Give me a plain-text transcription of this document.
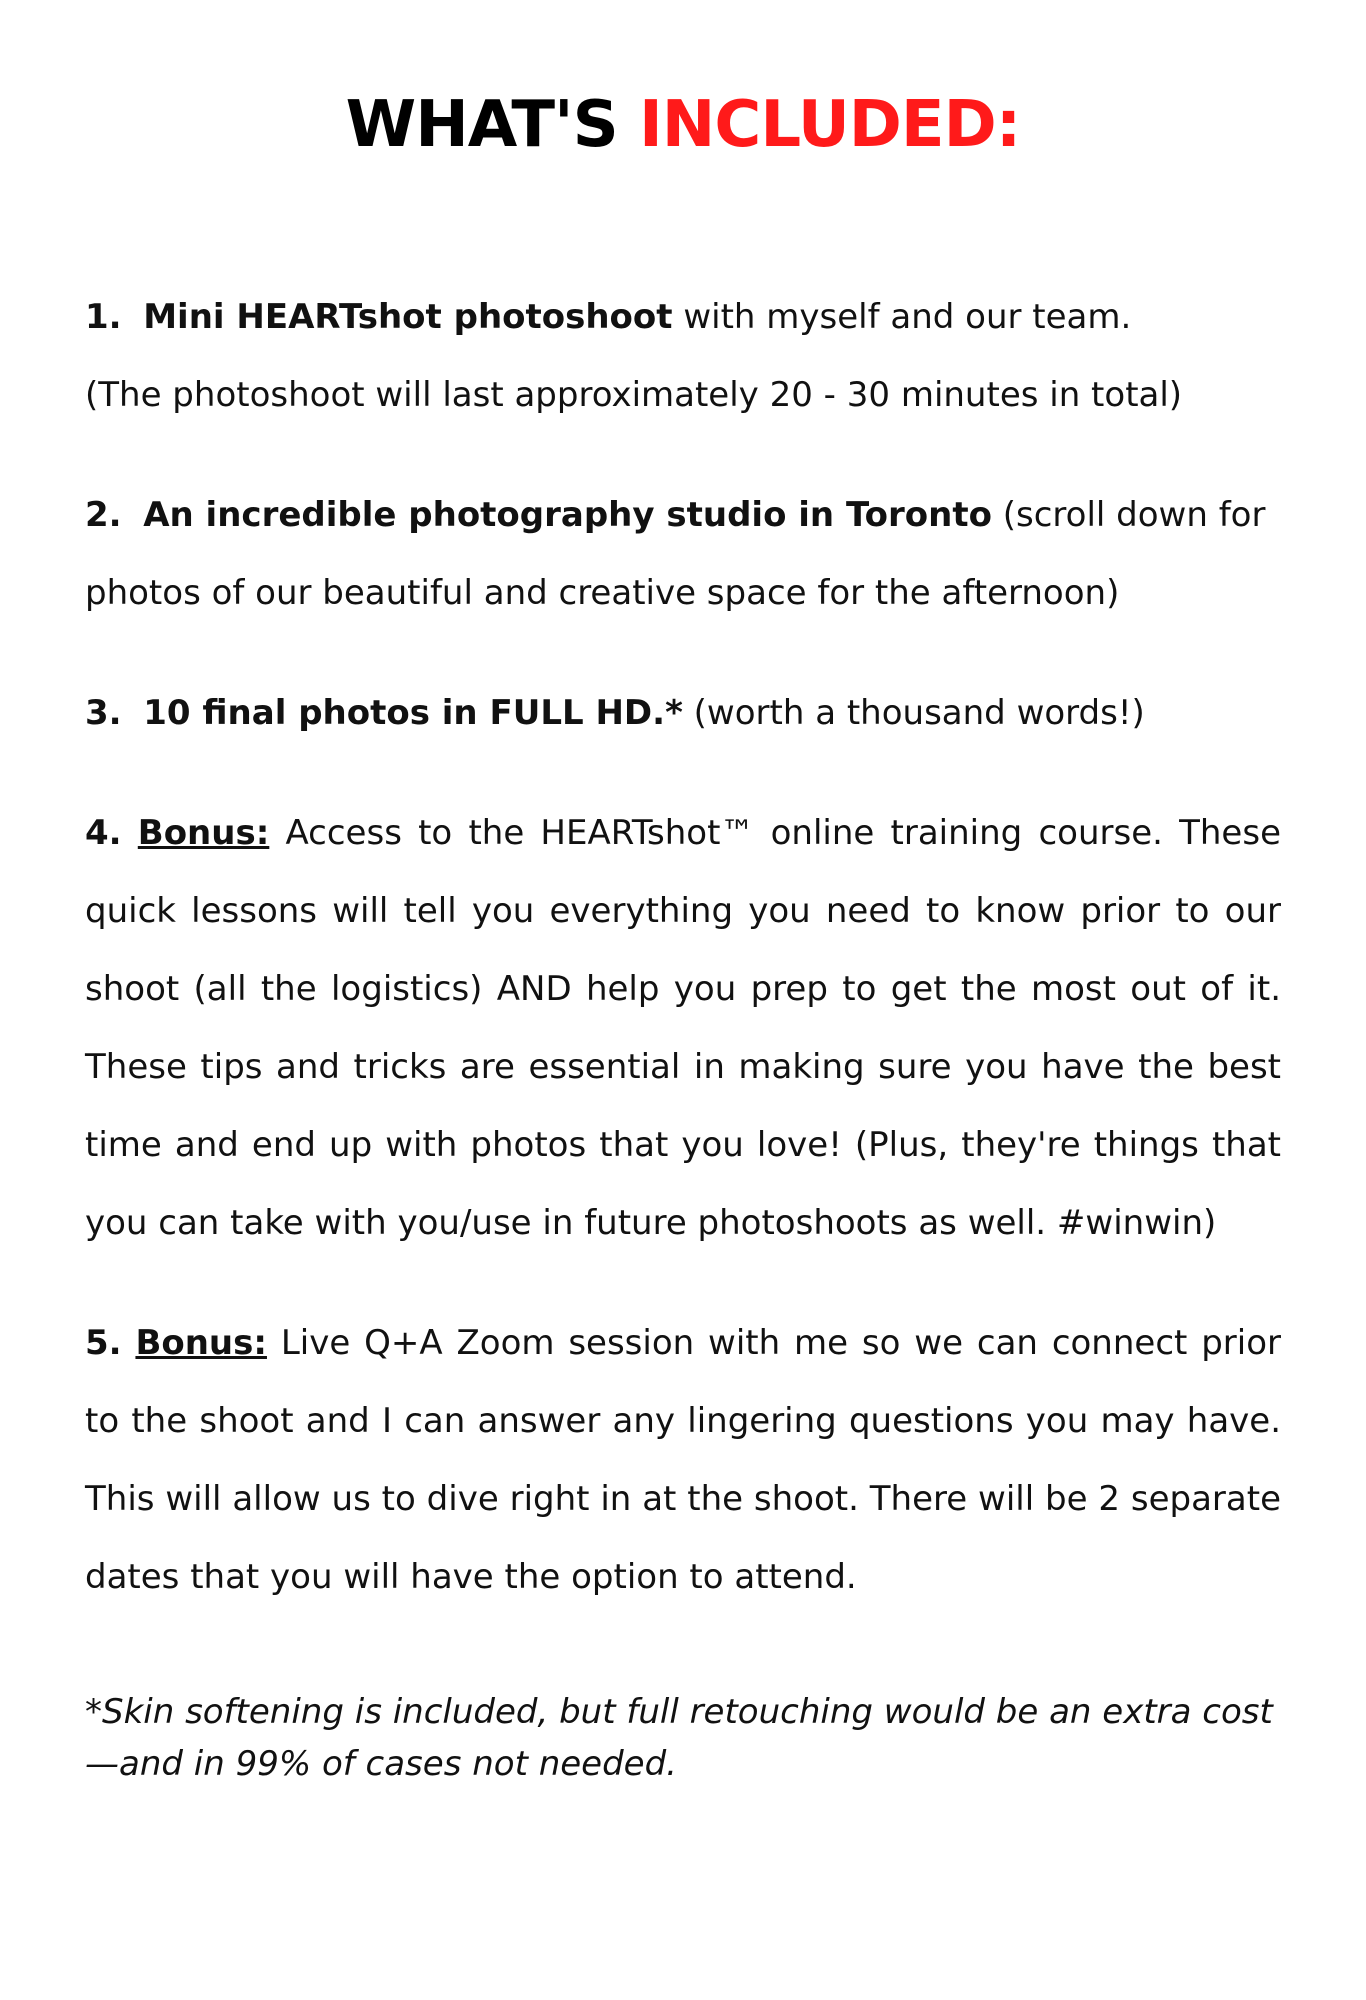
WHAT'S INCLUDED:

1. Mini HEARTshot photoshoot with myself and our team.
(The photoshoot will last approximately 20 - 30 minutes in total)

2. An incredible photography studio in Toronto (scroll down for photos of our beautiful and creative space for the afternoon)

3. 10 final photos in FULL HD.* (worth a thousand words!)

4. Bonus: Access to the HEARTshot™ online training course. These quick lessons will tell you everything you need to know prior to our shoot (all the logistics) AND help you prep to get the most out of it. These tips and tricks are essential in making sure you have the best time and end up with photos that you love! (Plus, they're things that you can take with you/use in future photoshoots as well. #winwin)

5. Bonus: Live Q+A Zoom session with me so we can connect prior to the shoot and I can answer any lingering questions you may have. This will allow us to dive right in at the shoot. There will be 2 separate dates that you will have the option to attend.

*Skin softening is included, but full retouching would be an extra cost—and in 99% of cases not needed.
